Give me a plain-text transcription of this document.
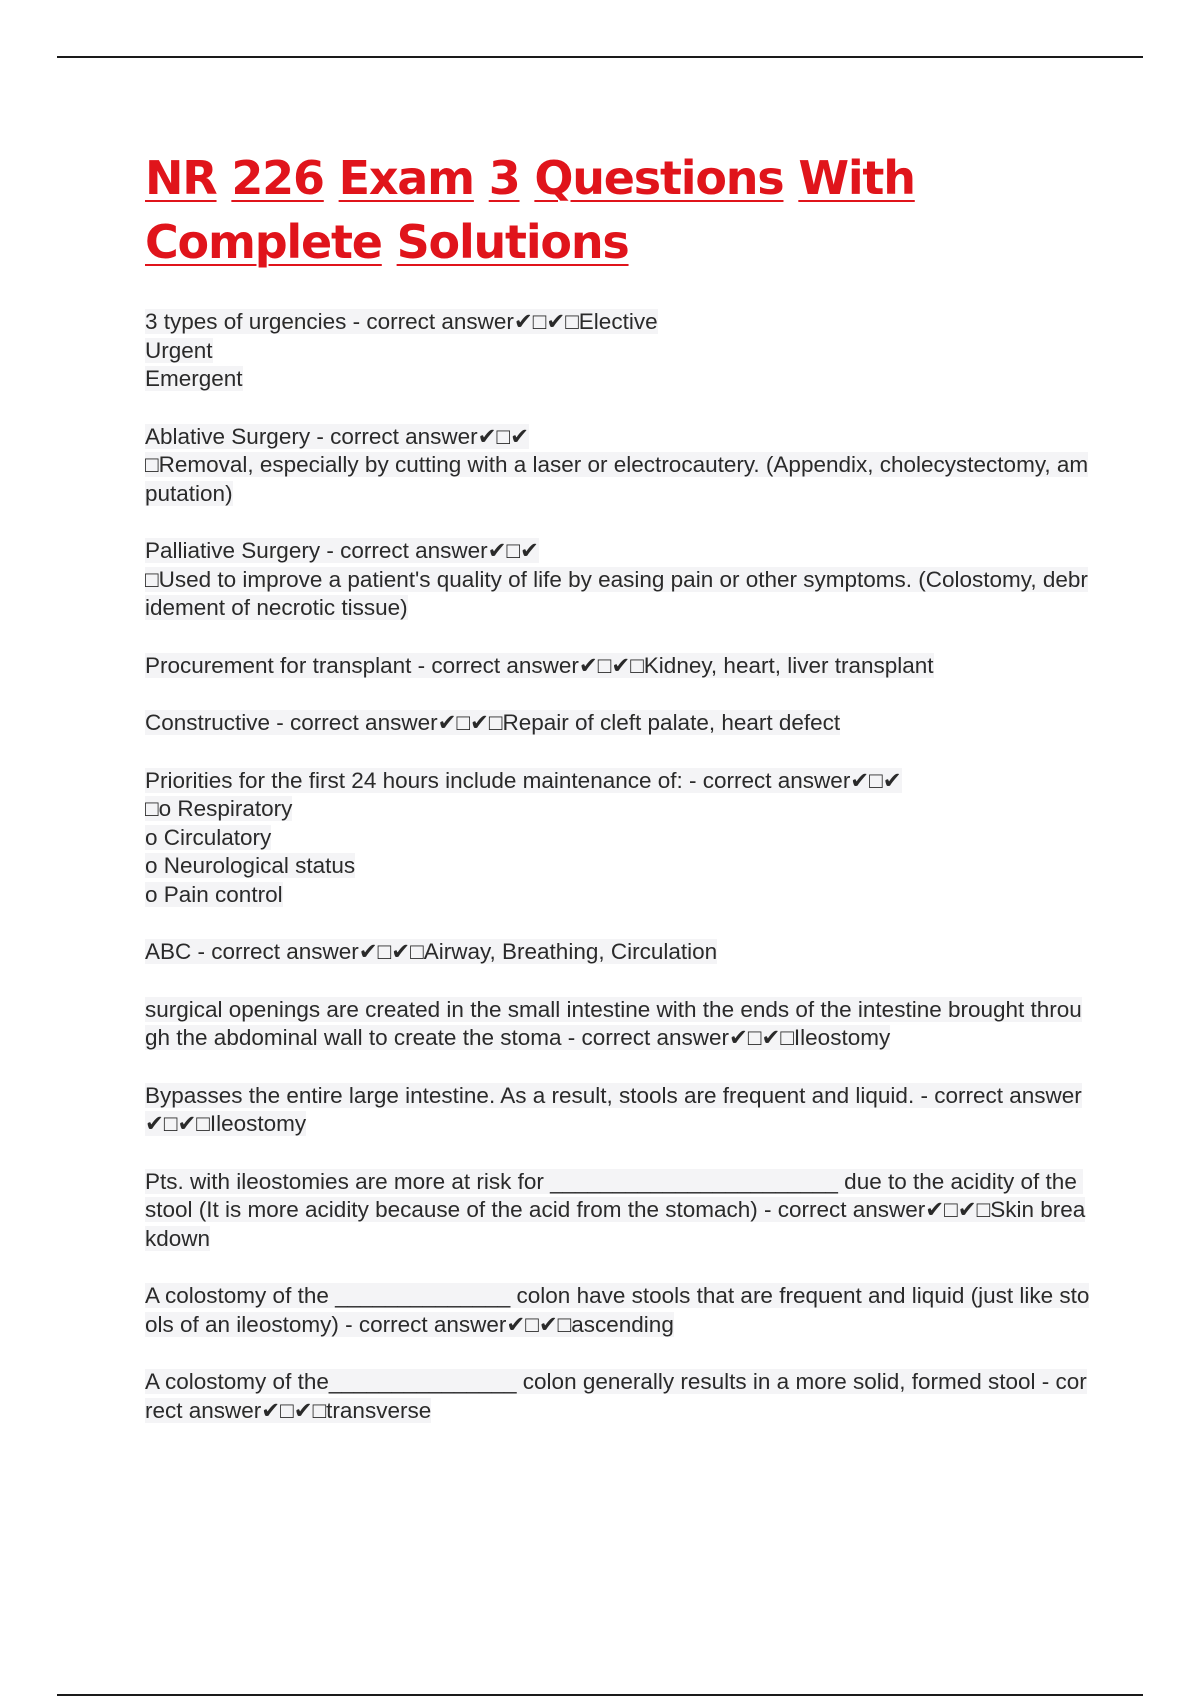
NR 226 Exam 3 Questions With Complete Solutions
3 types of urgencies - correct answer✔□✔□Elective
Urgent
Emergent
Ablative Surgery - correct answer✔□✔
□Removal, especially by cutting with a laser or electrocautery. (Appendix, cholecystectomy, amputation)
Palliative Surgery - correct answer✔□✔
□Used to improve a patient's quality of life by easing pain or other symptoms. (Colostomy, debridement of necrotic tissue)
Procurement for transplant - correct answer✔□✔□Kidney, heart, liver transplant
Constructive - correct answer✔□✔□Repair of cleft palate, heart defect
Priorities for the first 24 hours include maintenance of: - correct answer✔□✔
□o Respiratory
o Circulatory
o Neurological status
o Pain control
ABC - correct answer✔□✔□Airway, Breathing, Circulation
surgical openings are created in the small intestine with the ends of the intestine brought through the abdominal wall to create the stoma - correct answer✔□✔□Ileostomy
Bypasses the entire large intestine. As a result, stools are frequent and liquid. - correct answer✔□✔□Ileostomy
Pts. with ileostomies are more at risk for _______________________ due to the acidity of the stool (It is more acidity because of the acid from the stomach) - correct answer✔□✔□Skin breakdown
A colostomy of the ______________ colon have stools that are frequent and liquid (just like stools of an ileostomy) - correct answer✔□✔□ascending
A colostomy of the_______________ colon generally results in a more solid, formed stool - correct answer✔□✔□transverse
